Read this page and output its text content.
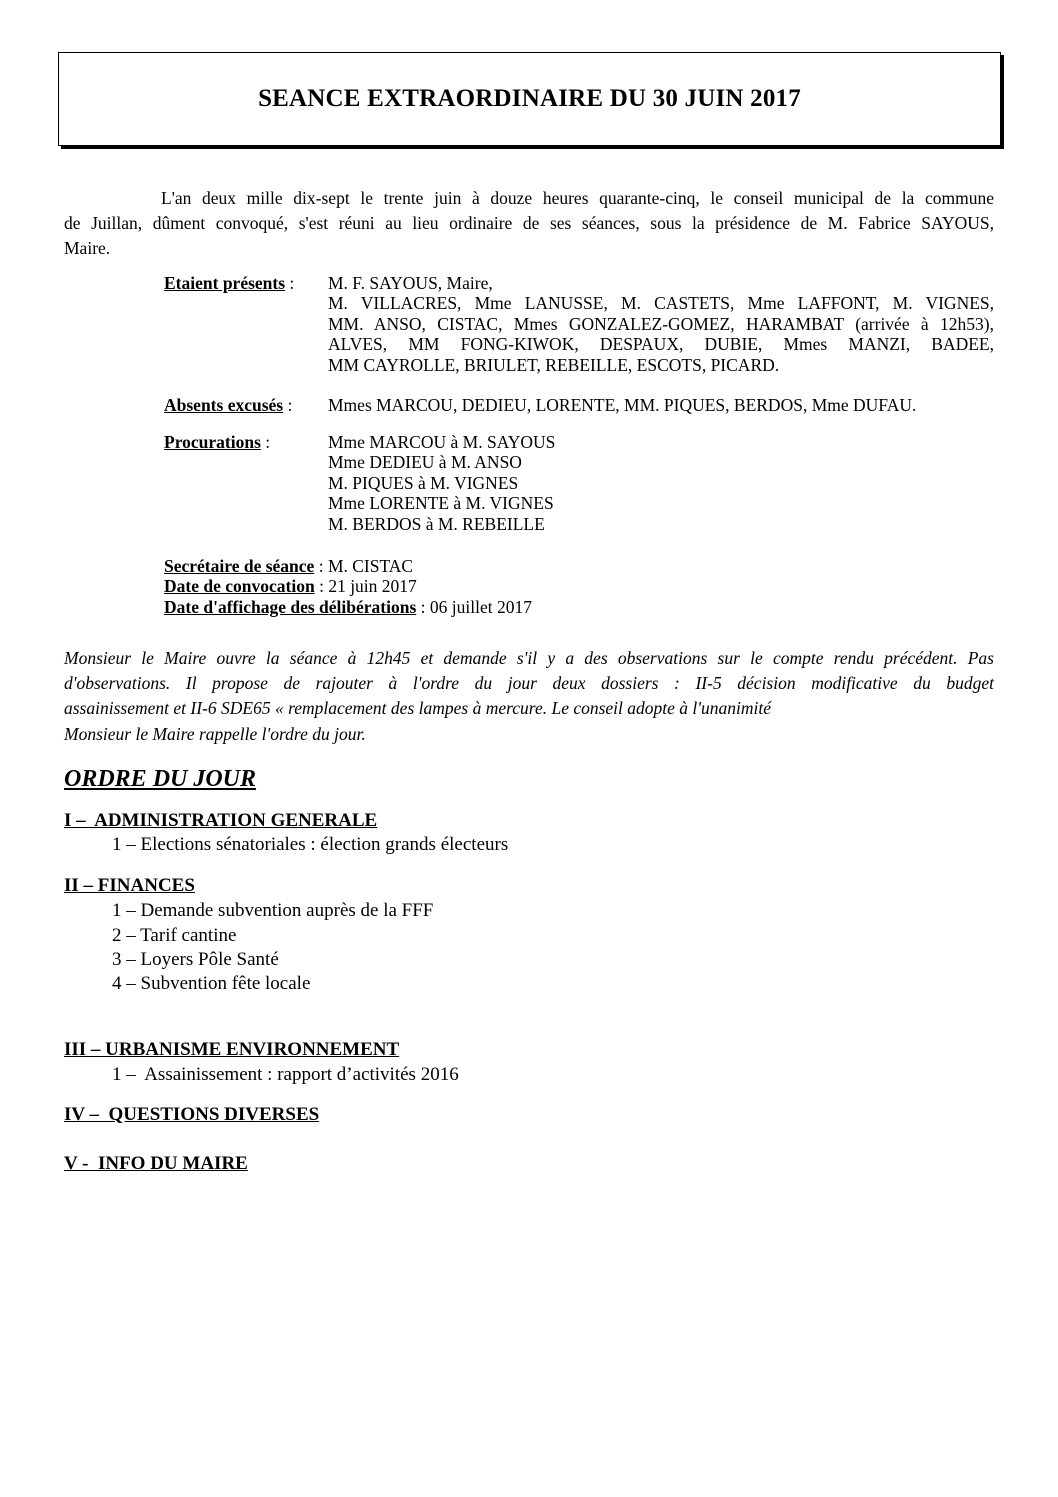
SEANCE EXTRAORDINAIRE DU 30 JUIN 2017
L'an deux mille dix-sept le trente juin à douze heures quarante-cinq, le conseil municipal de la commune
de Juillan, dûment convoqué, s'est réuni au lieu ordinaire de ses séances, sous la présidence de M. Fabrice SAYOUS,
Maire.
Etaient présents :	M. F. SAYOUS, Maire,
M. VILLACRES, Mme LANUSSE, M. CASTETS, Mme LAFFONT, M. VIGNES,
MM. ANSO, CISTAC, Mmes GONZALEZ-GOMEZ, HARAMBAT (arrivée à 12h53),
ALVES, MM FONG-KIWOK, DESPAUX, DUBIE, Mmes MANZI, BADEE,
MM CAYROLLE, BRIULET, REBEILLE, ESCOTS, PICARD.
Absents excusés :	Mmes MARCOU, DEDIEU, LORENTE, MM. PIQUES, BERDOS, Mme DUFAU.
Procurations :	Mme MARCOU à M. SAYOUS
Mme DEDIEU à M. ANSO
M. PIQUES à M. VIGNES
Mme LORENTE à M. VIGNES
M. BERDOS à M. REBEILLE
Secrétaire de séance : M. CISTAC
Date de convocation : 21 juin 2017
Date d'affichage des délibérations : 06 juillet 2017
Monsieur le Maire ouvre la séance à 12h45 et demande s'il y a des observations sur le compte rendu précédent. Pas
d'observations. Il propose de rajouter à l'ordre du jour deux dossiers : II-5 décision modificative du budget
assainissement et II-6 SDE65 « remplacement des lampes à mercure. Le conseil adopte à l'unanimité
Monsieur le Maire rappelle l'ordre du jour.
ORDRE DU JOUR
I –  ADMINISTRATION GENERALE
1 – Elections sénatoriales : élection grands électeurs
II – FINANCES
1 – Demande subvention auprès de la FFF
2 – Tarif cantine
3 – Loyers Pôle Santé
4 – Subvention fête locale
III – URBANISME ENVIRONNEMENT
1 –  Assainissement : rapport d’activités 2016
IV –  QUESTIONS DIVERSES
V -  INFO DU MAIRE
